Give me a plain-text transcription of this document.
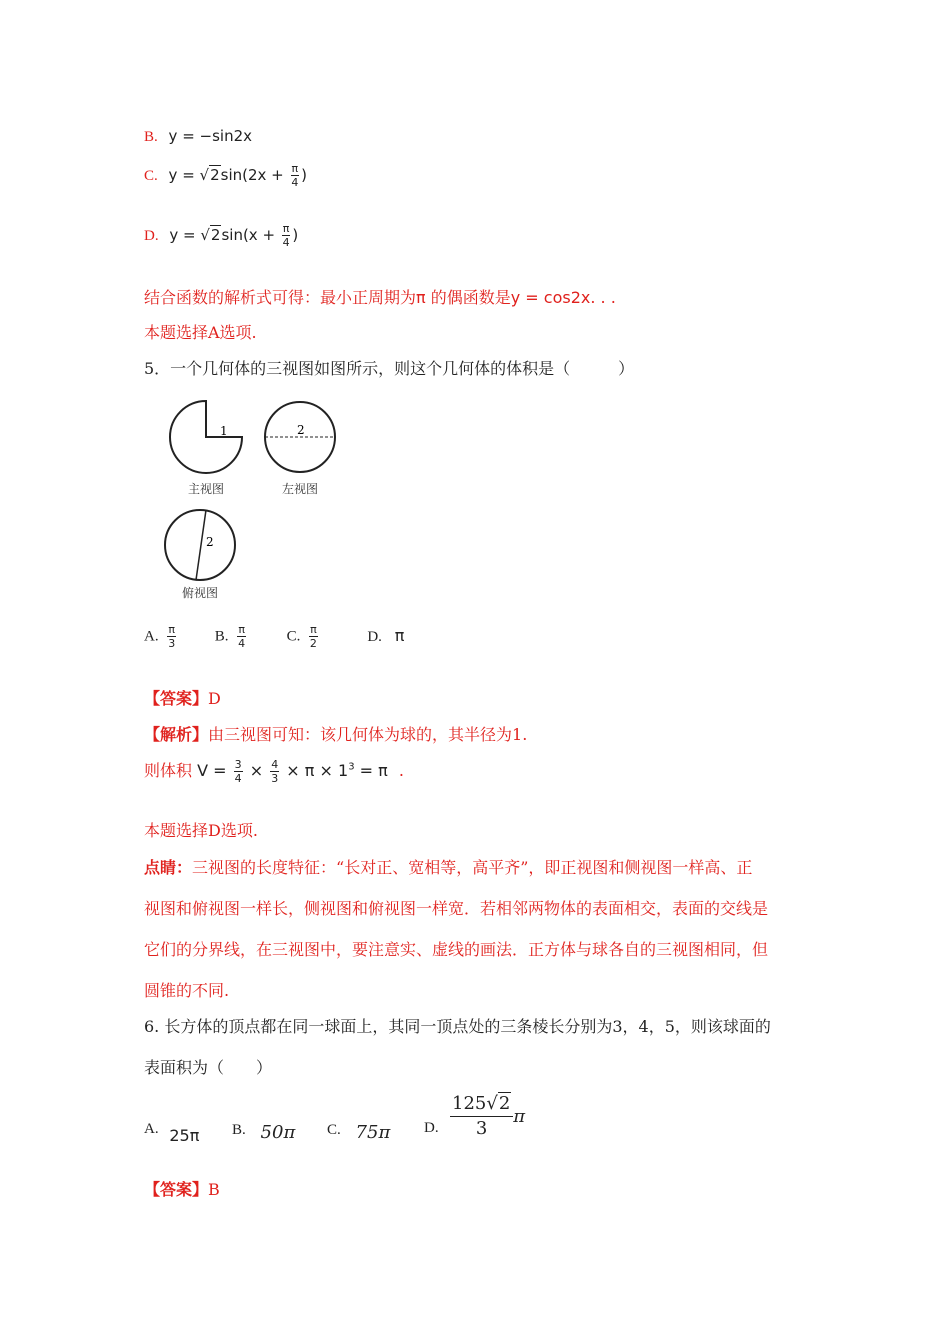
B. y = −sin2x
C. $y = √2\sin(2x + \frac{\pi}{4}$ )
D. $y = √2\sin(x + \frac{\pi}{4}$ )
结合函数的解析式可得：最小正周期为π 的偶函数是y = cos2x. . .
本题选择A选项.
5．一个几何体的三视图如图所示，则这个几何体的体积是（　　　）
1
主视图
2
左视图
2
俯视图
A. $\frac{\pi}{3}$	B. $\frac{\pi}{4}$	C. $\frac{\pi}{2}$	D. π
【答案】D
【解析】由三视图可知：该几何体为球的，其半径为1.
则体积 $V = \frac{3}{4} \times \frac{4}{3} \times \pi \times 1^3 = \pi$ .
本题选择D选项.
点睛：三视图的长度特征：“长对正、宽相等，高平齐”，即正视图和侧视图一样高、正
视图和俯视图一样长，侧视图和俯视图一样宽．若相邻两物体的表面相交，表面的交线是
它们的分界线，在三视图中，要注意实、虚线的画法．正方体与球各自的三视图相同，但
圆锥的不同.
6. 长方体的顶点都在同一球面上，其同一顶点处的三条棱长分别为3，4，5，则该球面的
表面积为（　　）
A. 25π B. 50π C. 75π D. $\frac{125√2}{3}$ π
【答案】B
